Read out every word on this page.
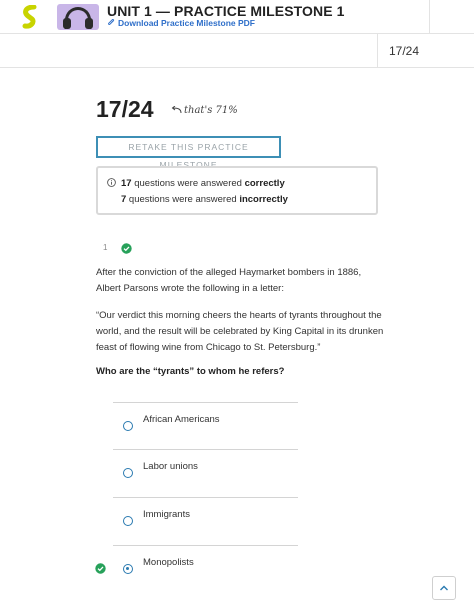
UNIT 1 — PRACTICE MILESTONE 1
Download Practice Milestone PDF
17/24
17/24	that's 71%
RETAKE THIS PRACTICE MILESTONE
17 questions were answered correctly
7 questions were answered incorrectly
1

After the conviction of the alleged Haymarket bombers in 1886, Albert Parsons wrote the following in a letter:

“Our verdict this morning cheers the hearts of tyrants throughout the world, and the result will be celebrated by King Capital in its drunken feast of flowing wine from Chicago to St. Petersburg.”

Who are the “tyrants” to whom he refers?
African Americans
Labor unions
Immigrants
Monopolists
